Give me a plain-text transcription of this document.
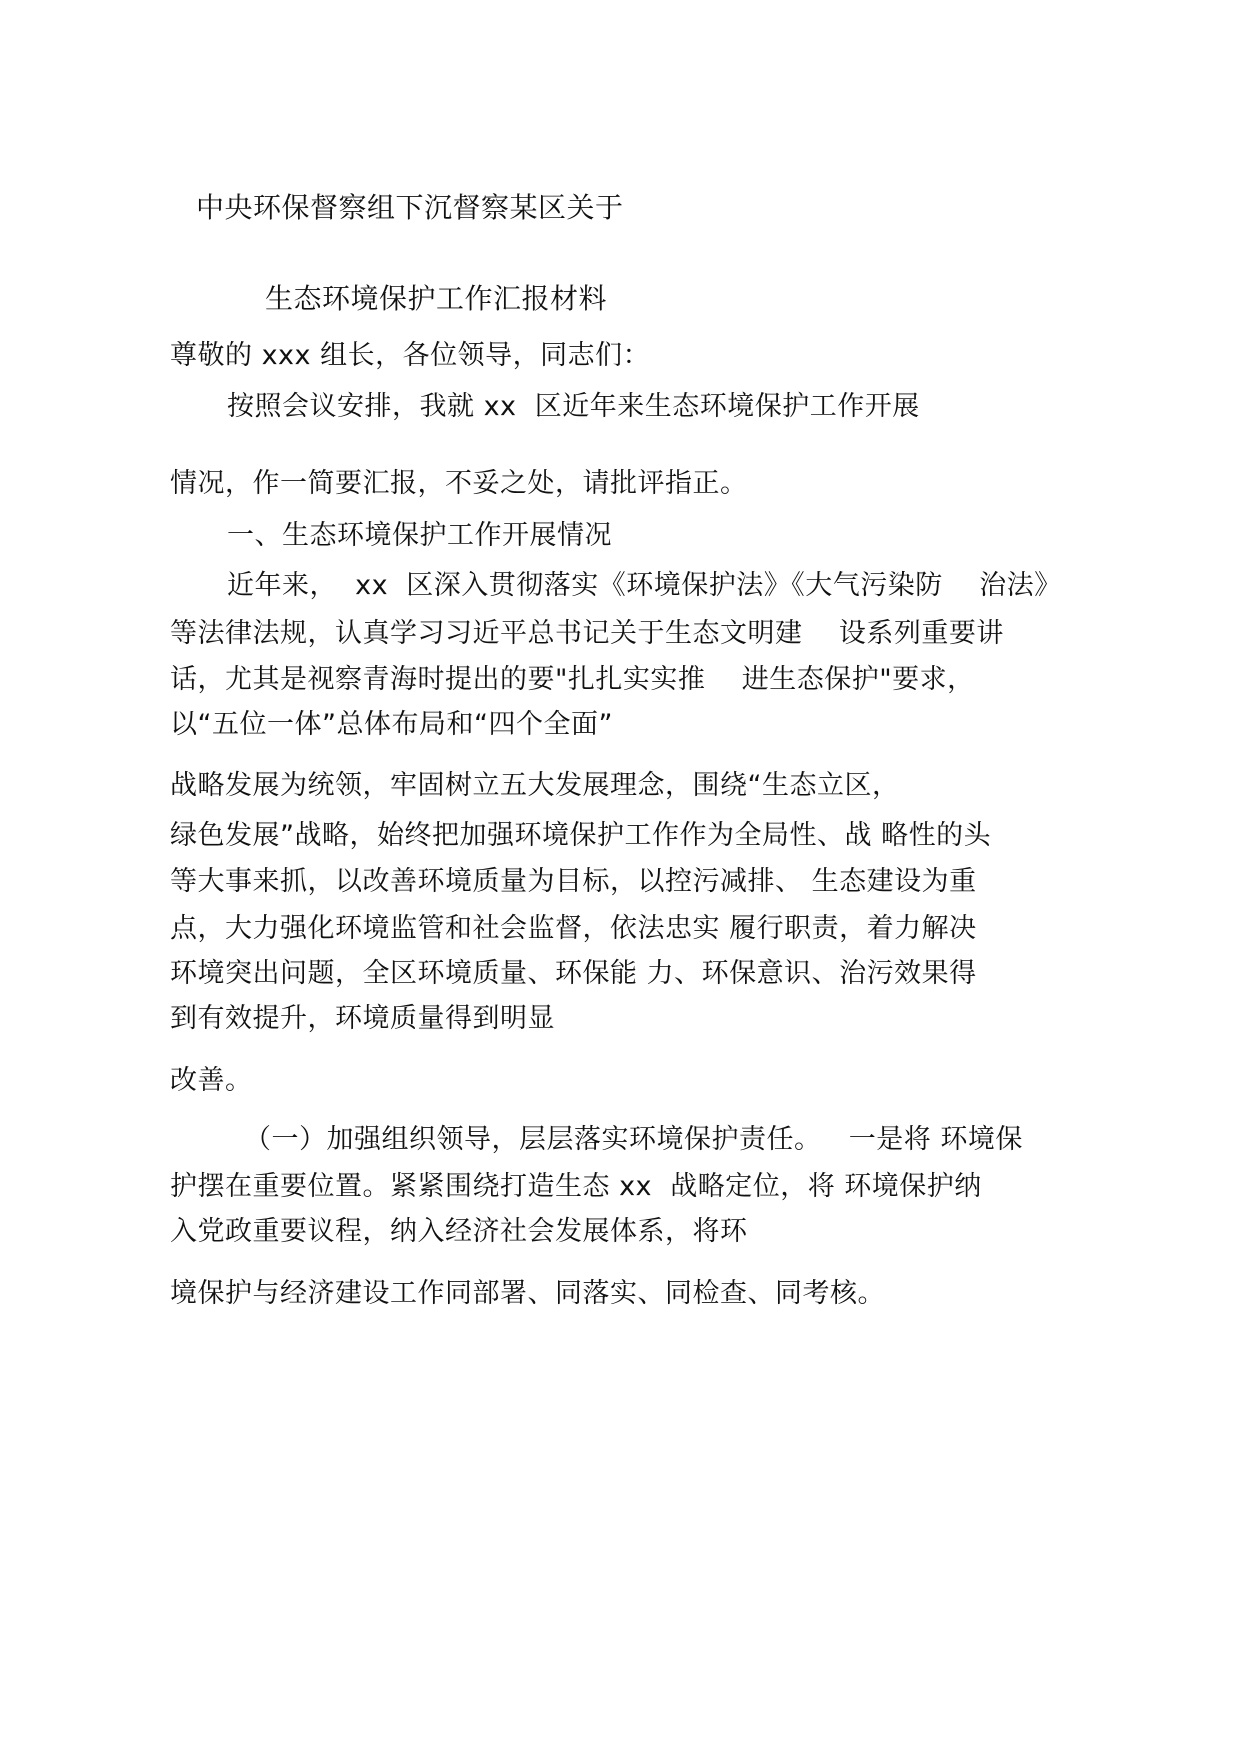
中央环保督察组下沉督察某区关于
生态环境保护工作汇报材料
尊敬的 xxx 组长，各位领导，同志们：
按照会议安排，我就 xx  区近年来生态环境保护工作开展
情况，作一简要汇报，不妥之处，请批评指正。
一、生态环境保护工作开展情况
近年来，  xx  区深入贯彻落实《环境保护法》《大气污染防    治法》
等法律法规，认真学习习近平总书记关于生态文明建    设系列重要讲
话，尤其是视察青海时提出的要"扎扎实实推    进生态保护"要求，
以“五位一体”总体布局和“四个全面”
战略发展为统领，牢固树立五大发展理念，围绕“生态立区，
绿色发展”战略，始终把加强环境保护工作作为全局性、战 略性的头
等大事来抓，以改善环境质量为目标，以控污减排、 生态建设为重
点，大力强化环境监管和社会监督，依法忠实 履行职责，着力解决
环境突出问题，全区环境质量、环保能 力、环保意识、治污效果得
到有效提升，环境质量得到明显
改善。
（一）加强组织领导，层层落实环境保护责任。   一是将 环境保
护摆在重要位置。紧紧围绕打造生态 xx  战略定位，将 环境保护纳
入党政重要议程，纳入经济社会发展体系，将环
境保护与经济建设工作同部署、同落实、同检查、同考核。
